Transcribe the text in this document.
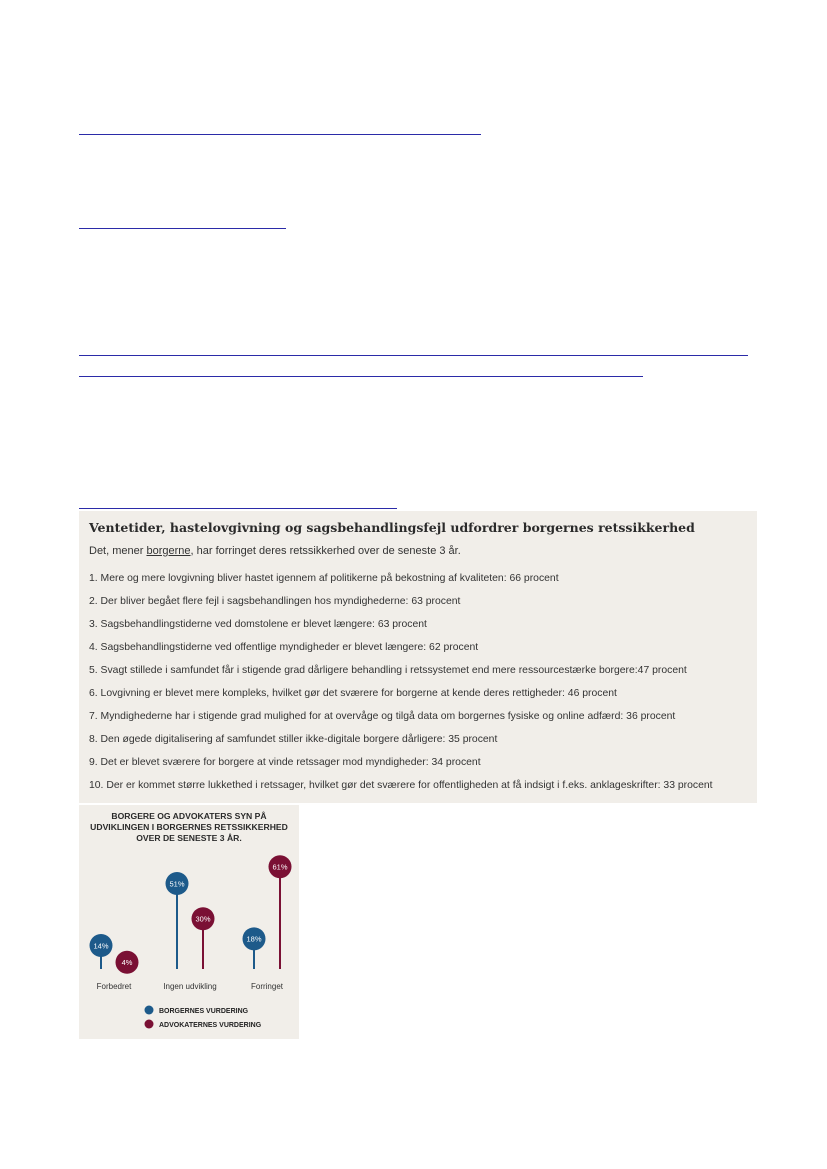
Ventetider, hastelovgivning og sagsbehandlingsfejl udfordrer borgernes retssikkerhed
Det, mener borgerne, har forringet deres retssikkerhed over de seneste 3 år.
1. Mere og mere lovgivning bliver hastet igennem af politikerne på bekostning af kvaliteten: 66 procent
2. Der bliver begået flere fejl i sagsbehandlingen hos myndighederne: 63 procent
3. Sagsbehandlingstiderne ved domstolene er blevet længere: 63 procent
4. Sagsbehandlingstiderne ved offentlige myndigheder er blevet længere: 62 procent
5. Svagt stillede i samfundet får i stigende grad dårligere behandling i retssystemet end mere ressourcestærke borgere:47 procent
6. Lovgivning er blevet mere kompleks, hvilket gør det sværere for borgerne at kende deres rettigheder: 46 procent
7. Myndighederne har i stigende grad mulighed for at overvåge og tilgå data om borgernes fysiske og online adfærd: 36 procent
8. Den øgede digitalisering af samfundet stiller ikke-digitale borgere dårligere: 35 procent
9. Det er blevet sværere for borgere at vinde retssager mod myndigheder: 34 procent
10. Der er kommet større lukkethed i retssager, hvilket gør det sværere for offentligheden at få indsigt i f.eks. anklageskrifter: 33 procent
BORGERE OG ADVOKATERS SYN PÅ
UDVIKLINGEN I BORGERNES RETSSIKKERHED
OVER DE SENESTE 3 ÅR.
14%
4%
Forbedret
51%
30%
Ingen udvikling
18%
61%
Forringet
BORGERNES VURDERING
ADVOKATERNES VURDERING
